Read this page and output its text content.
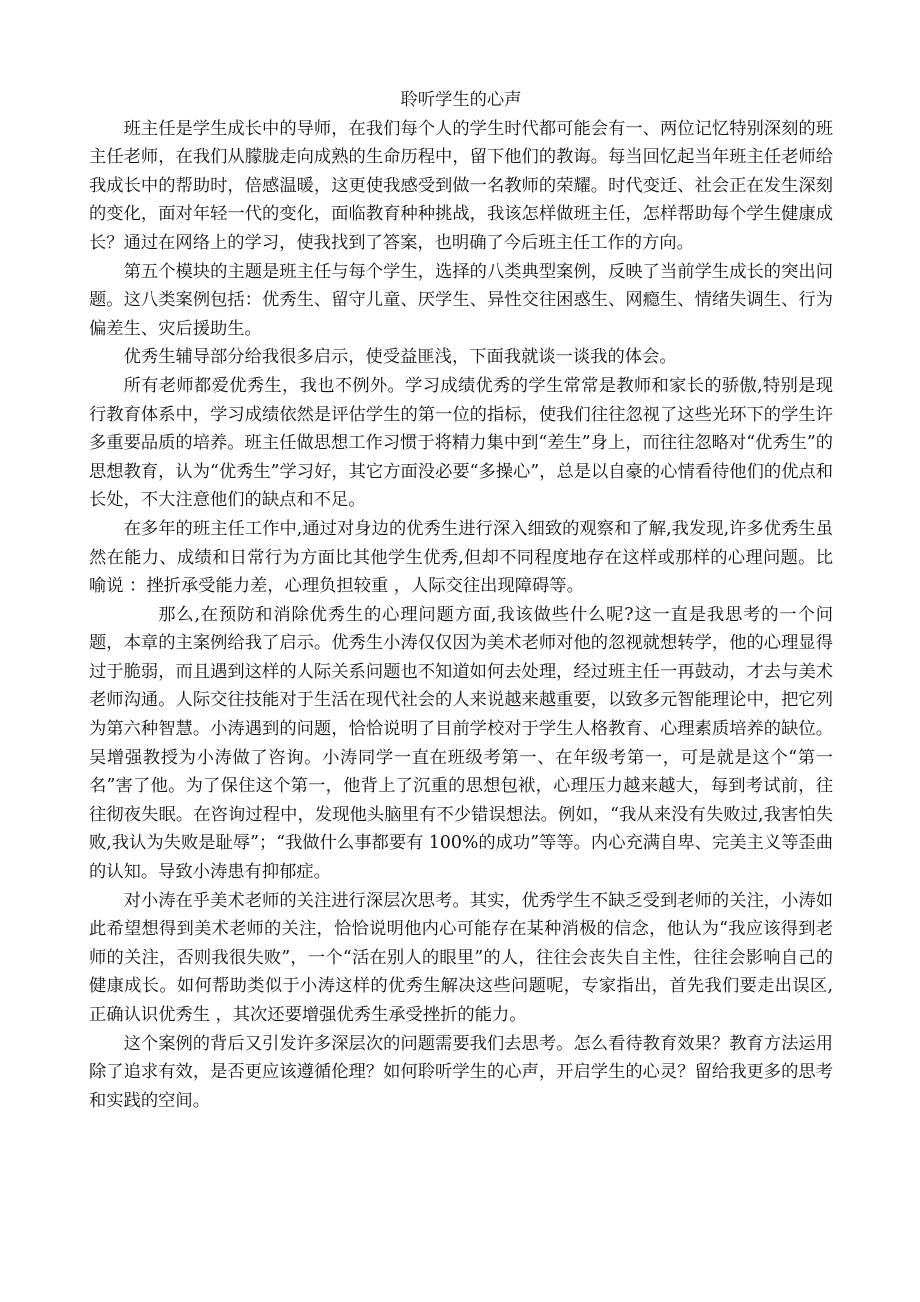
聆听学生的心声

班主任是学生成长中的导师，在我们每个人的学生时代都可能会有一、两位记忆特别深刻的班主任老师，在我们从朦胧走向成熟的生命历程中，留下他们的教诲。每当回忆起当年班主任老师给我成长中的帮助时，倍感温暖，这更使我感受到做一名教师的荣耀。时代变迁、社会正在发生深刻的变化，面对年轻一代的变化，面临教育种种挑战，我该怎样做班主任，怎样帮助每个学生健康成长？通过在网络上的学习，使我找到了答案，也明确了今后班主任工作的方向。

第五个模块的主题是班主任与每个学生，选择的八类典型案例，反映了当前学生成长的突出问题。这八类案例包括：优秀生、留守儿童、厌学生、异性交往困惑生、网瘾生、情绪失调生、行为偏差生、灾后援助生。

优秀生辅导部分给我很多启示，使受益匪浅，下面我就谈一谈我的体会。

所有老师都爱优秀生，我也不例外。学习成绩优秀的学生常常是教师和家长的骄傲,特别是现行教育体系中，学习成绩依然是评估学生的第一位的指标，使我们往往忽视了这些光环下的学生许多重要品质的培养。班主任做思想工作习惯于将精力集中到“差生”身上，而往往忽略对“优秀生”的思想教育，认为“优秀生”学习好，其它方面没必要“多操心”，总是以自豪的心情看待他们的优点和长处，不大注意他们的缺点和不足。

在多年的班主任工作中,通过对身边的优秀生进行深入细致的观察和了解,我发现,许多优秀生虽然在能力、成绩和日常行为方面比其他学生优秀,但却不同程度地存在这样或那样的心理问题。比喻说 ：挫折承受能力差，心理负担较重 ，人际交往出现障碍等。

那么,在预防和消除优秀生的心理问题方面,我该做些什么呢?这一直是我思考的一个问题，本章的主案例给我了启示。优秀生小涛仅仅因为美术老师对他的忽视就想转学，他的心理显得过于脆弱，而且遇到这样的人际关系问题也不知道如何去处理，经过班主任一再鼓动，才去与美术老师沟通。人际交往技能对于生活在现代社会的人来说越来越重要，以致多元智能理论中，把它列为第六种智慧。小涛遇到的问题，恰恰说明了目前学校对于学生人格教育、心理素质培养的缺位。吴增强教授为小涛做了咨询。小涛同学一直在班级考第一、在年级考第一，可是就是这个“第一名”害了他。为了保住这个第一，他背上了沉重的思想包袱，心理压力越来越大，每到考试前，往往彻夜失眠。在咨询过程中，发现他头脑里有不少错误想法。例如，“我从来没有失败过,我害怕失败,我认为失败是耻辱”；“我做什么事都要有 100%的成功”等等。内心充满自卑、完美主义等歪曲的认知。导致小涛患有抑郁症。

对小涛在乎美术老师的关注进行深层次思考。其实，优秀学生不缺乏受到老师的关注，小涛如此希望想得到美术老师的关注，恰恰说明他内心可能存在某种消极的信念，他认为“我应该得到老师的关注，否则我很失败”，一个“活在别人的眼里”的人，往往会丧失自主性，往往会影响自己的健康成长。如何帮助类似于小涛这样的优秀生解决这些问题呢，专家指出，首先我们要走出误区,正确认识优秀生 ，其次还要增强优秀生承受挫折的能力。

这个案例的背后又引发许多深层次的问题需要我们去思考。怎么看待教育效果？教育方法运用除了追求有效，是否更应该遵循伦理？如何聆听学生的心声，开启学生的心灵？留给我更多的思考和实践的空间。
